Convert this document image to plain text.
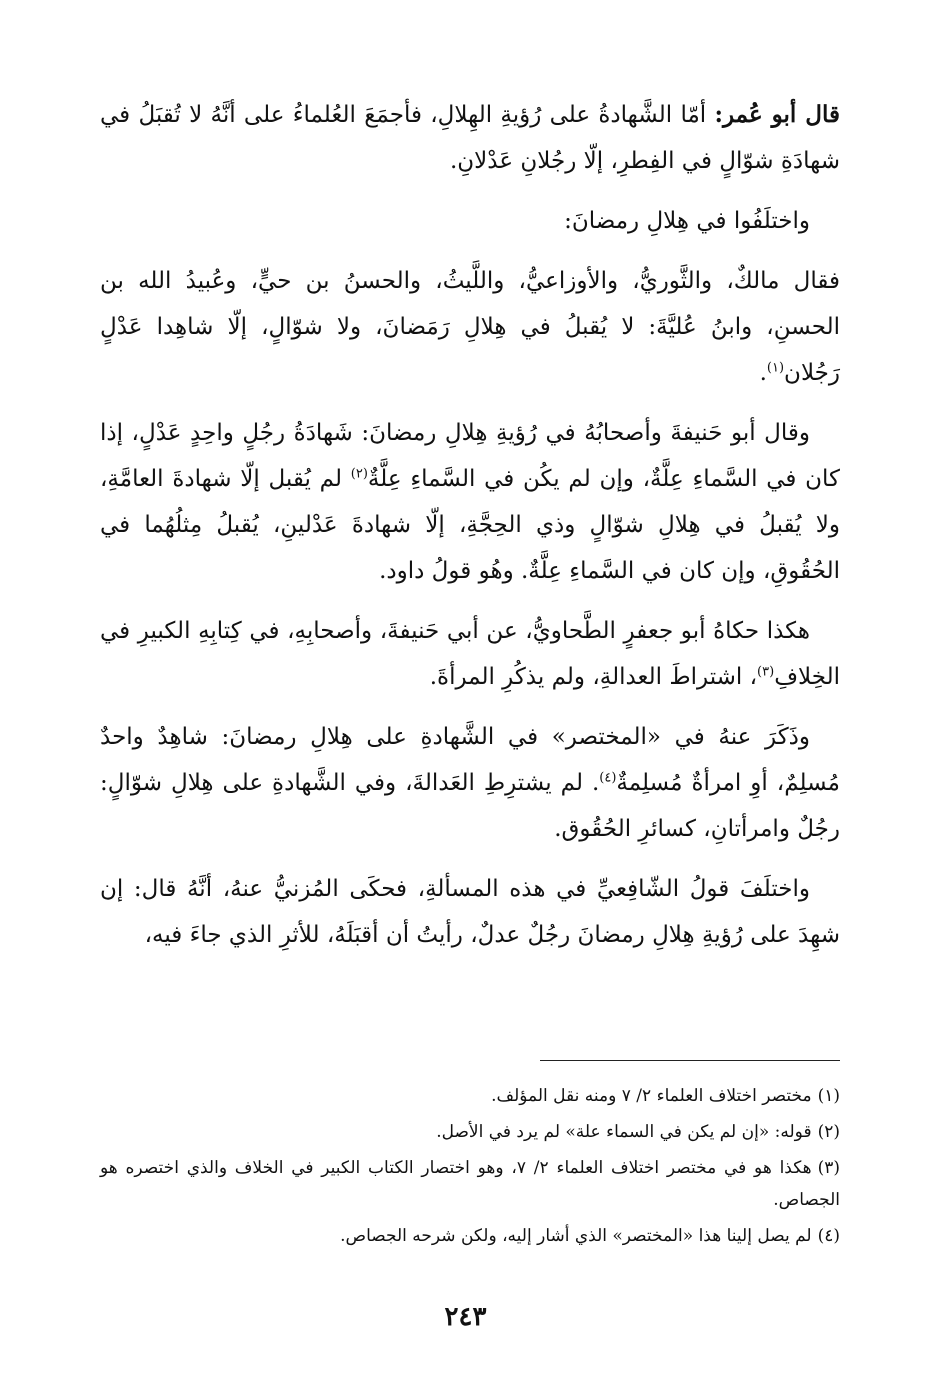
قال أبو عُمر: أمّا الشَّهادةُ على رُؤيةِ الهِلالِ، فأجمَعَ العُلماءُ على أنَّهُ لا تُقبَلُ في شهادَةِ شوّالٍ في الفِطرِ، إلّا رجُلانِ عَدْلانِ.

واختلَفُوا في هِلالِ رمضانَ:

فقال مالكٌ، والثَّوريُّ، والأوزاعيُّ، واللَّيثُ، والحسنُ بن حيٍّ، وعُبيدُ الله بن الحسنِ، وابنُ عُليَّةَ: لا يُقبلُ في هِلالِ رَمَضانَ، ولا شوّالٍ، إلّا شاهِدا عَدْلٍ رَجُلان$^{(١)}$.

وقال أبو حَنيفةَ وأصحابُهُ في رُؤيةِ هِلالِ رمضانَ: شَهادَةُ رجُلٍ واحِدٍ عَدْلٍ، إذا كان في السَّماءِ عِلَّةٌ، وإن لم يكُن في السَّماءِ عِلَّةٌ$^{(٢)}$ لم يُقبل إلّا شهادةَ العامَّةِ، ولا يُقبلُ في هِلالِ شوّالٍ وذي الحِجَّةِ، إلّا شهادةَ عَدْلينِ، يُقبلُ مِثلُهُما في الحُقُوقِ، وإن كان في السَّماءِ عِلَّةٌ. وهُو قولُ داود.

هكذا حكاهُ أبو جعفرٍ الطَّحاويُّ، عن أبي حَنيفةَ، وأصحابِهِ، في كِتابِهِ الكبيرِ في الخِلافِ$^{(٣)}$، اشتراطَ العدالةِ، ولم يذكُرِ المرأةَ.

وذَكَرَ عنهُ في «المختصر» في الشَّهادةِ على هِلالِ رمضانَ: شاهِدٌ واحدٌ مُسلِمٌ، أوِ امرأةٌ مُسلِمةٌ$^{(٤)}$. لم يشترِطِ العَدالةَ، وفي الشَّهادةِ على هِلالِ شوّالٍ: رجُلٌ وامرأتانِ، كسائرِ الحُقُوق.

واختلَفَ قولُ الشّافِعيِّ في هذه المسألةِ، فحكَى المُزنيُّ عنهُ، أنَّهُ قال: إن شهِدَ على رُؤيةِ هِلالِ رمضانَ رجُلٌ عدلٌ، رأيتُ أن أقبَلَهُ، للأثرِ الذي جاءَ فيه،

(١)مختصر اختلاف العلماء ٢/ ٧ ومنه نقل المؤلف.

(٢)قوله: «إن لم يكن في السماء علة» لم يرد في الأصل.

(٣)هكذا هو في مختصر اختلاف العلماء ٢/ ٧، وهو اختصار الكتاب الكبير في الخلاف والذي اختصره هو الجصاص.

(٤)لم يصل إلينا هذا «المختصر» الذي أشار إليه، ولكن شرحه الجصاص.

٢٤٣
